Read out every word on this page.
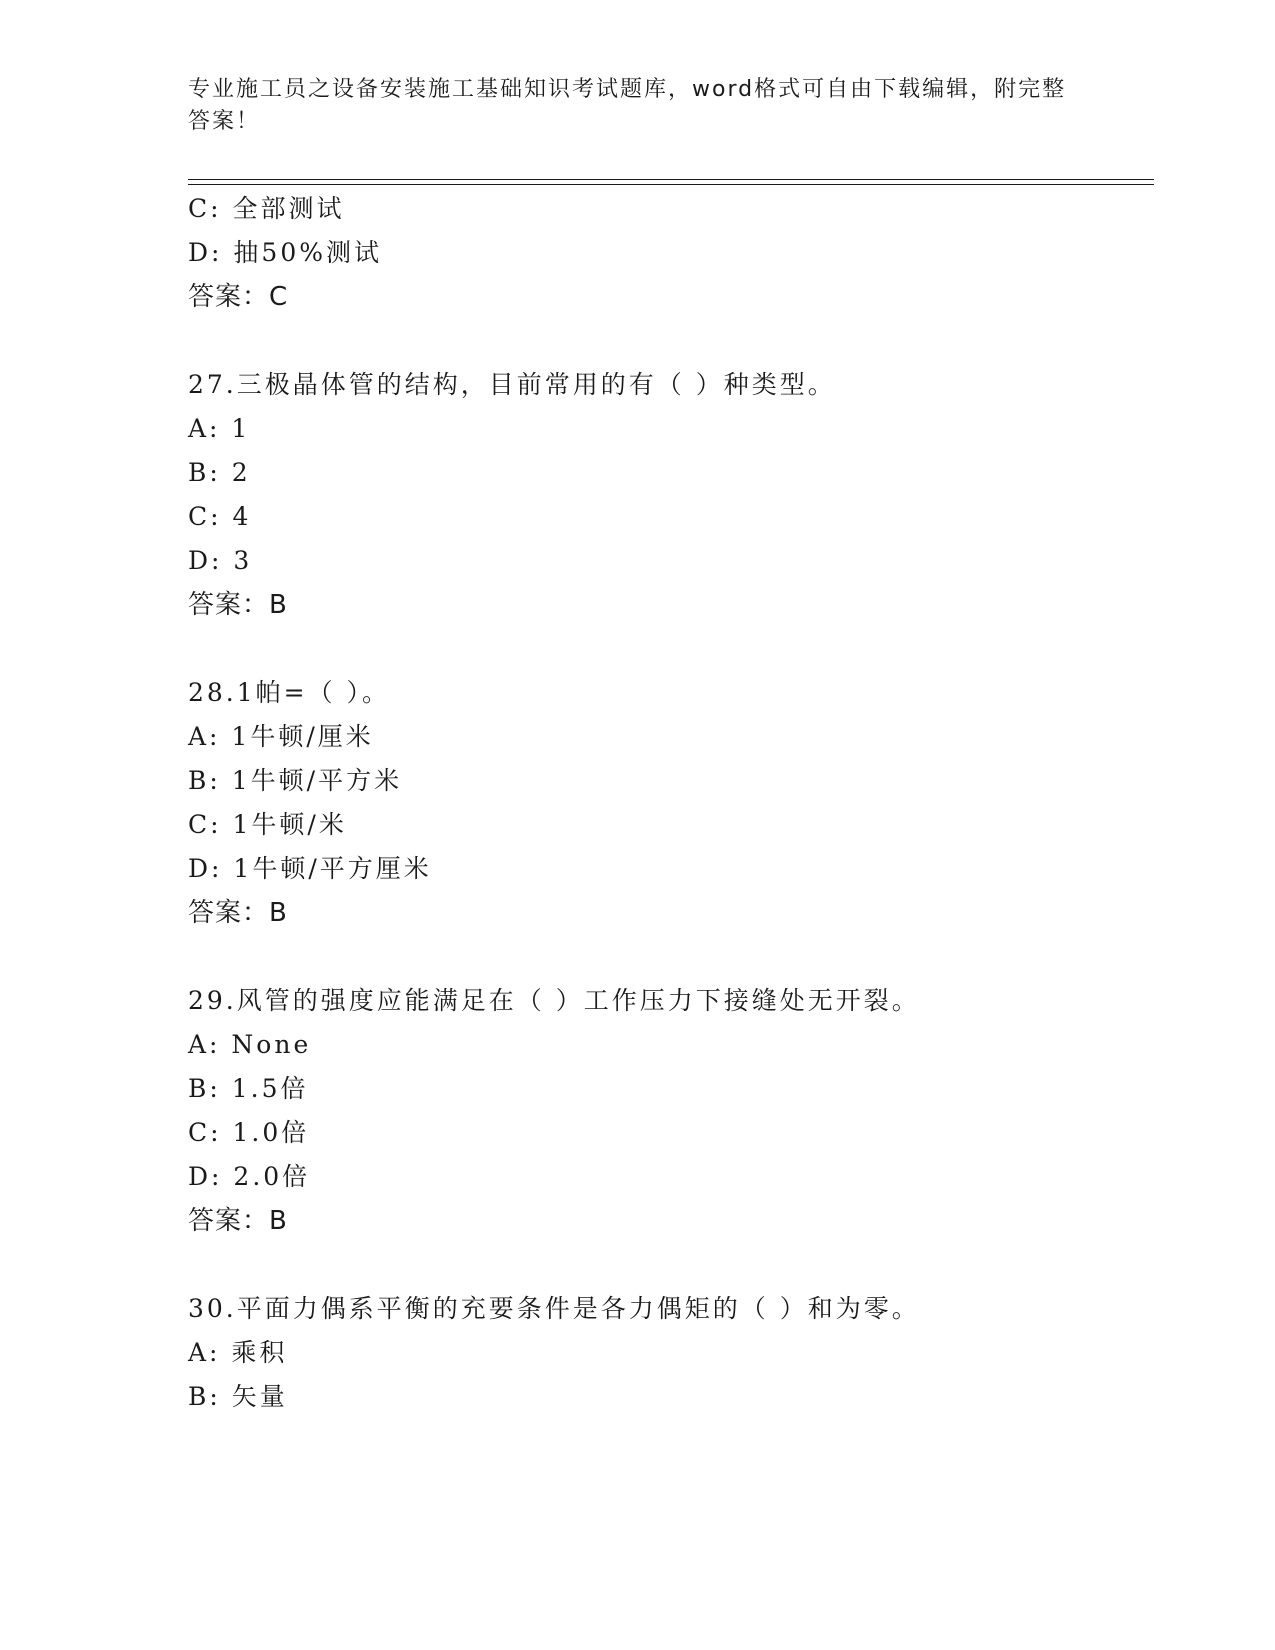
专业施工员之设备安装施工基础知识考试题库，word格式可自由下载编辑，附完整答案！
C: 全部测试
D: 抽50%测试
答案：C
27.三极晶体管的结构，目前常用的有（ ）种类型。
A: 1
B: 2
C: 4
D: 3
答案：B
28.1帕=（ ）。
A: 1牛顿/厘米
B: 1牛顿/平方米
C: 1牛顿/米
D: 1牛顿/平方厘米
答案：B
29.风管的强度应能满足在（ ）工作压力下接缝处无开裂。
A: None
B: 1.5倍
C: 1.0倍
D: 2.0倍
答案：B
30.平面力偶系平衡的充要条件是各力偶矩的（ ）和为零。
A: 乘积
B: 矢量
